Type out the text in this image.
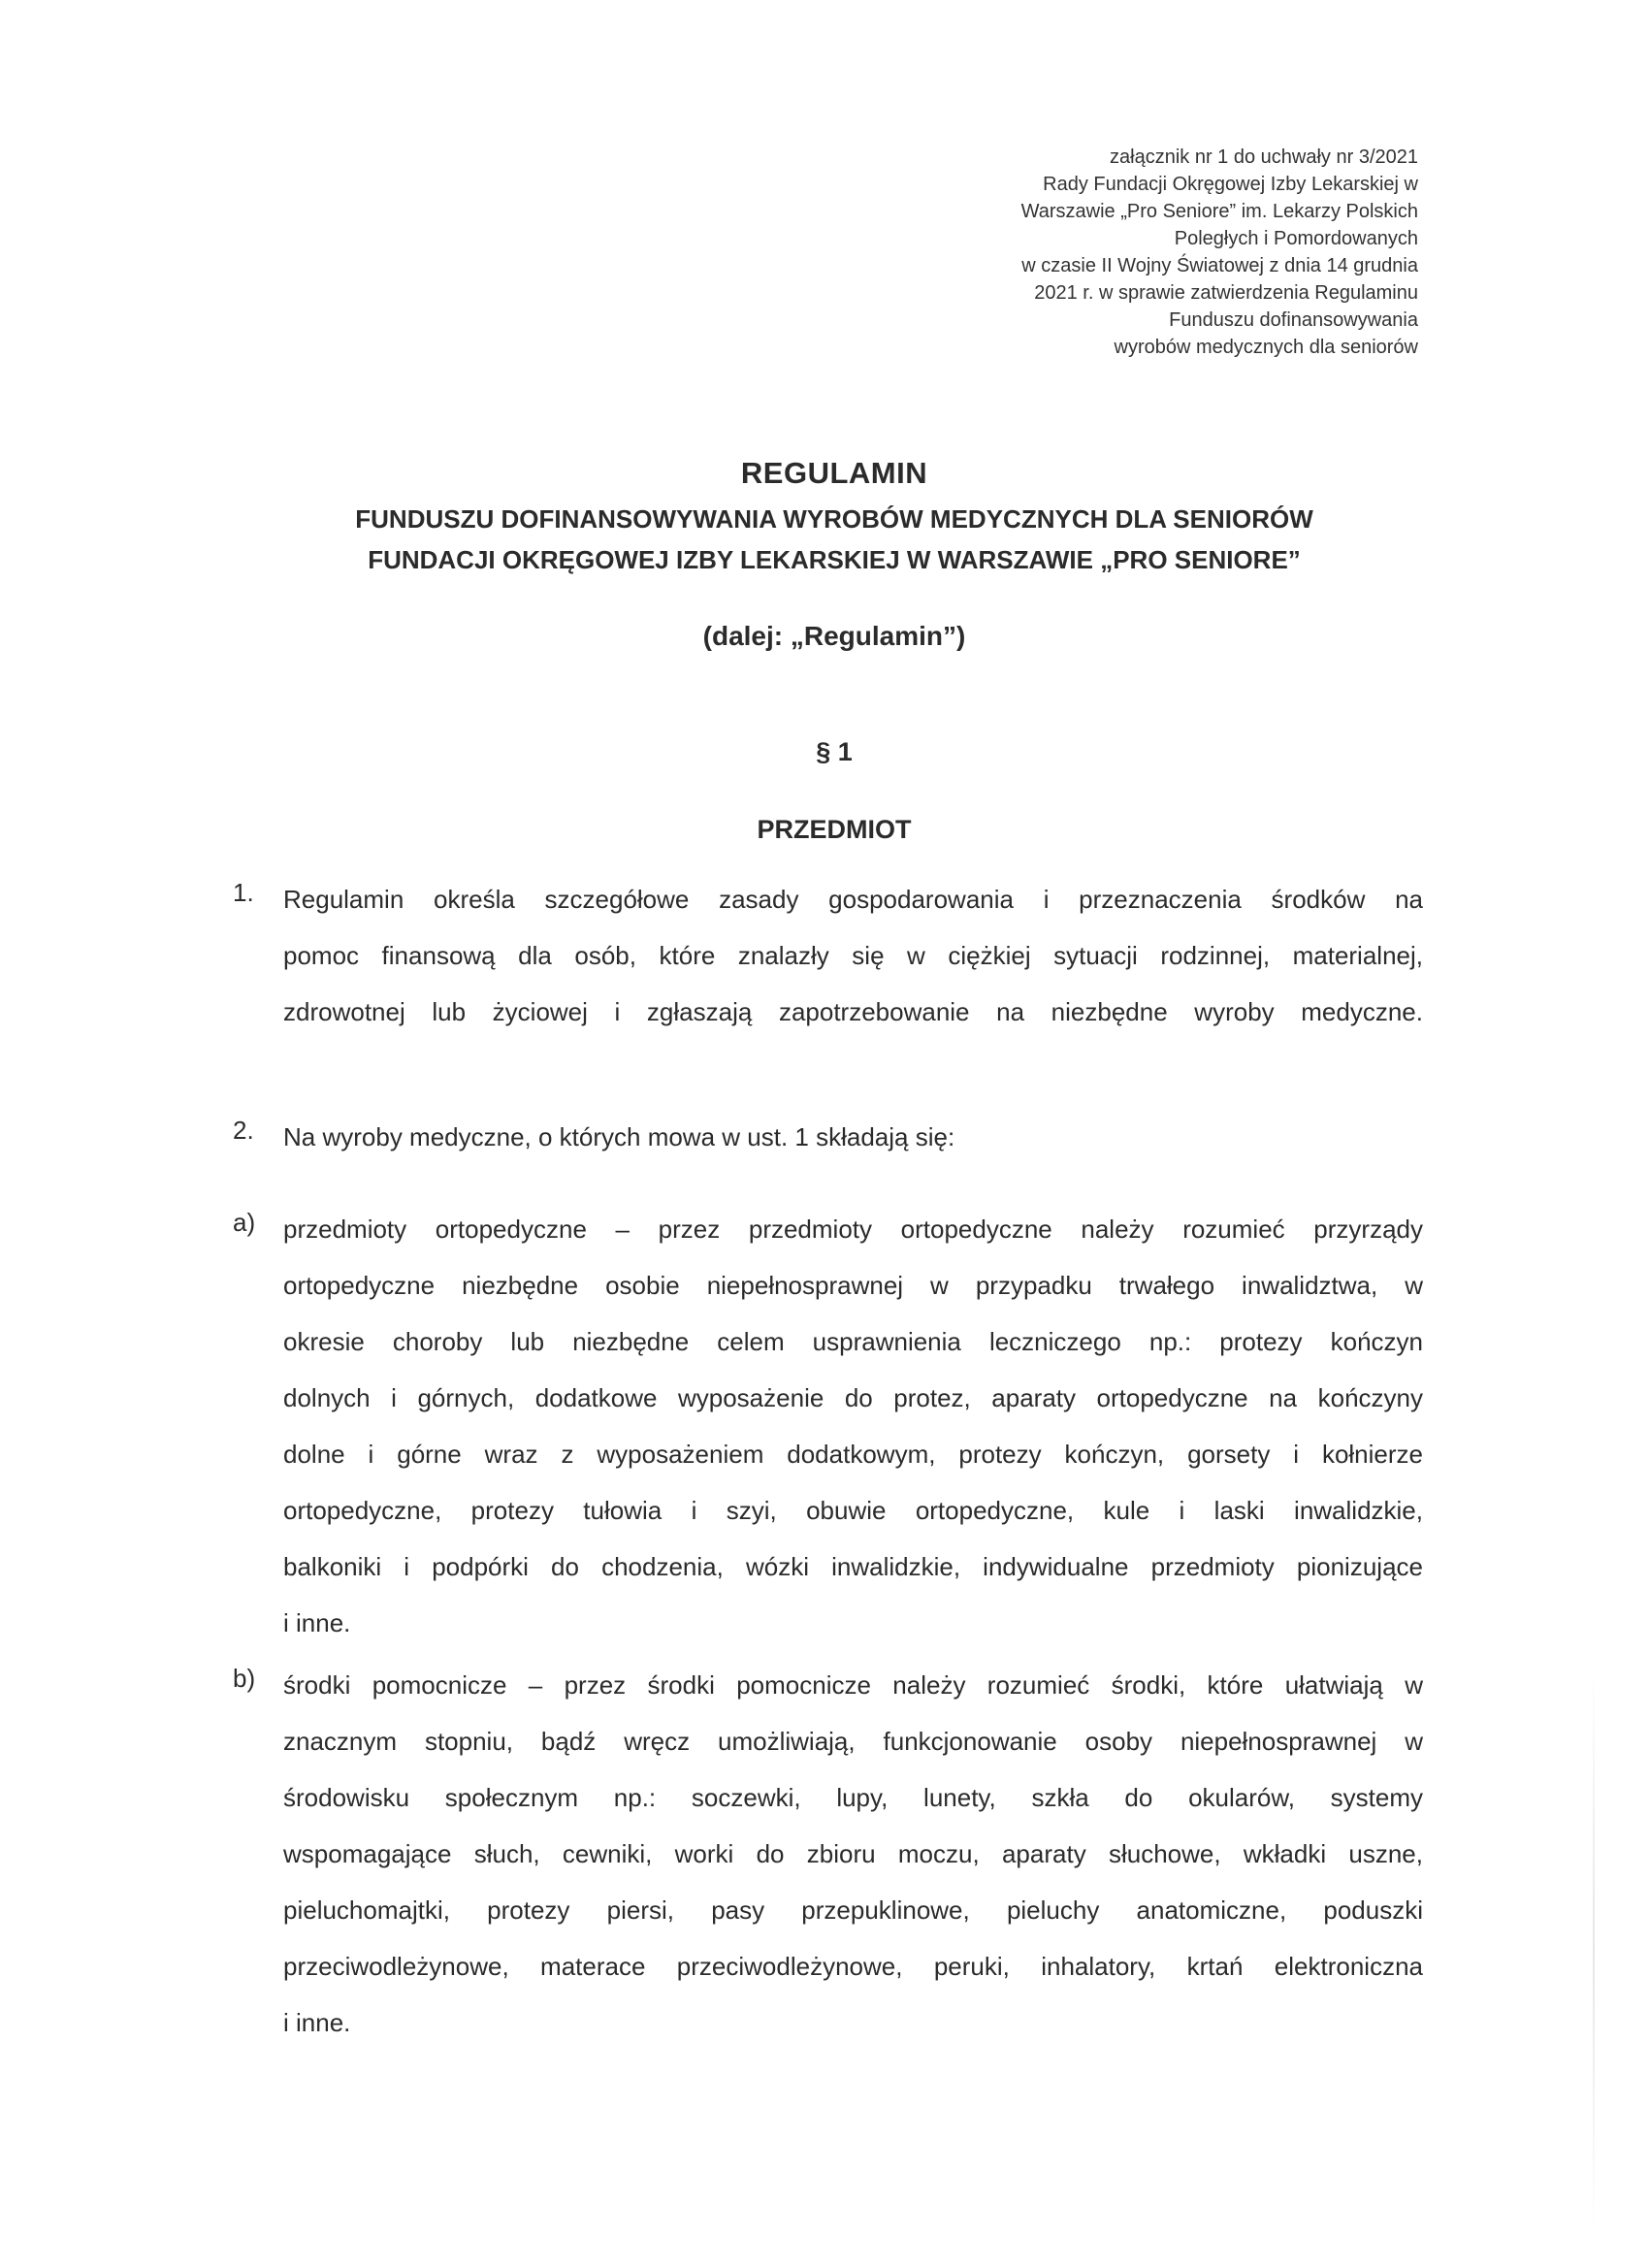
załącznik nr 1 do uchwały nr 3/2021
Rady Fundacji Okręgowej Izby Lekarskiej w
Warszawie „Pro Seniore” im. Lekarzy Polskich
Poległych i Pomordowanych
w czasie II Wojny Światowej z dnia 14 grudnia
2021 r. w sprawie zatwierdzenia Regulaminu
Funduszu dofinansowywania
wyrobów medycznych dla seniorów
REGULAMIN
FUNDUSZU DOFINANSOWYWANIA WYROBÓW MEDYCZNYCH DLA SENIORÓW
FUNDACJI OKRĘGOWEJ IZBY LEKARSKIEJ W WARSZAWIE „PRO SENIORE”
(dalej: „Regulamin”)
§ 1
PRZEDMIOT
1. Regulamin określa szczegółowe zasady gospodarowania i przeznaczenia środków na
pomoc finansową dla osób, które znalazły się w ciężkiej sytuacji rodzinnej, materialnej,
zdrowotnej lub życiowej i zgłaszają zapotrzebowanie na niezbędne wyroby medyczne.
2. Na wyroby medyczne, o których mowa w ust. 1 składają się:
a) przedmioty ortopedyczne – przez przedmioty ortopedyczne należy rozumieć przyrządy
ortopedyczne niezbędne osobie niepełnosprawnej w przypadku trwałego inwalidztwa, w
okresie choroby lub niezbędne celem usprawnienia leczniczego np.: protezy kończyn
dolnych i górnych, dodatkowe wyposażenie do protez, aparaty ortopedyczne na kończyny
dolne i górne wraz z wyposażeniem dodatkowym, protezy kończyn, gorsety i kołnierze
ortopedyczne, protezy tułowia i szyi, obuwie ortopedyczne, kule i laski inwalidzkie,
balkoniki i podpórki do chodzenia, wózki inwalidzkie, indywidualne przedmioty pionizujące
i inne.
b) środki pomocnicze – przez środki pomocnicze należy rozumieć środki, które ułatwiają w
znacznym stopniu, bądź wręcz umożliwiają, funkcjonowanie osoby niepełnosprawnej w
środowisku społecznym np.: soczewki, lupy, lunety, szkła do okularów, systemy
wspomagające słuch, cewniki, worki do zbioru moczu, aparaty słuchowe, wkładki uszne,
pieluchomajtki, protezy piersi, pasy przepuklinowe, pieluchy anatomiczne, poduszki
przeciwodleżynowe, materace przeciwodleżynowe, peruki, inhalatory, krtań elektroniczna
i inne.
